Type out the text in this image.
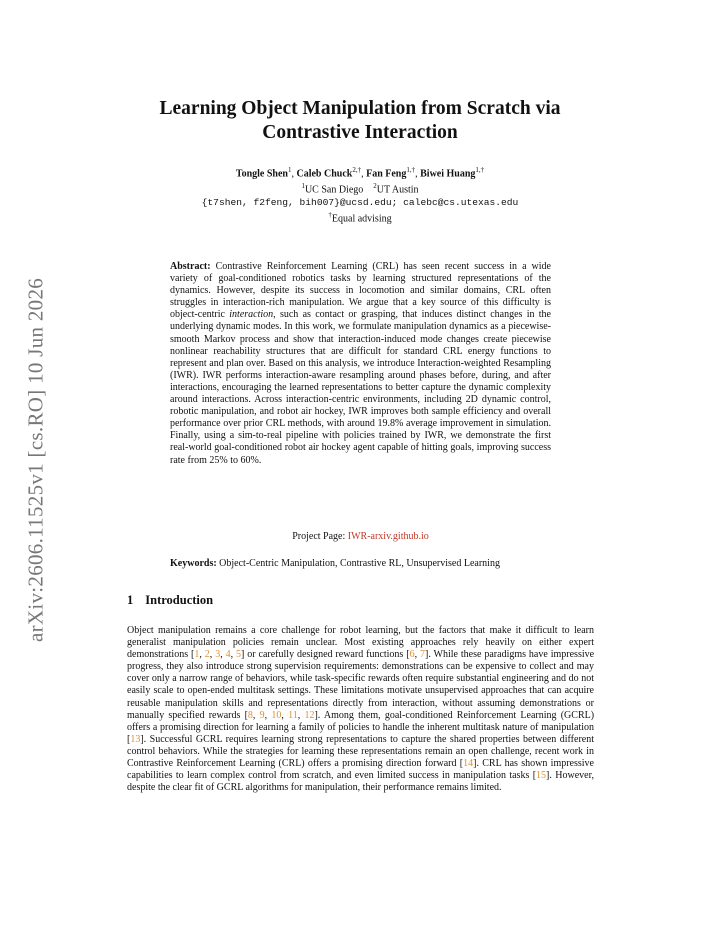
arXiv:2606.11525v1 [cs.RO] 10 Jun 2026
Learning Object Manipulation from Scratch via
Contrastive Interaction
Tongle Shen$^1$, Caleb Chuck$^{2,\dagger}$, Fan Feng$^{1,\dagger}$, Biwei Huang$^{1,\dagger}$
$^1$UC San Diego $^2$UT Austin
{t7shen, f2feng, bih007}@ucsd.edu; calebc@cs.utexas.edu
†Equal advising
Abstract: Contrastive Reinforcement Learning (CRL) has seen recent success in a wide variety of goal-conditioned robotics tasks by learning structured representations of the dynamics. However, despite its success in locomotion and similar domains, CRL often struggles in interaction-rich manipulation. We argue that a key source of this difficulty is object-centric interaction, such as contact or grasping, that induces distinct changes in the underlying dynamic modes. In this work, we formulate manipulation dynamics as a piecewise-smooth Markov process and show that interaction-induced mode changes create piecewise nonlinear reachability structures that are difficult for standard CRL energy functions to represent and plan over. Based on this analysis, we introduce Interaction-weighted Resampling (IWR). IWR performs interaction-aware resampling around phases before, during, and after interactions, encouraging the learned representations to better capture the dynamic complexity around interactions. Across interaction-centric environments, including 2D dynamic control, robotic manipulation, and robot air hockey, IWR improves both sample efficiency and overall performance over prior CRL methods, with around 19.8% average improvement in simulation. Finally, using a sim-to-real pipeline with policies trained by IWR, we demonstrate the first real-world goal-conditioned robot air hockey agent capable of hitting goals, improving success rate from 25% to 60%.
Project Page: IWR-arxiv.github.io
Keywords: Object-Centric Manipulation, Contrastive RL, Unsupervised Learning
1 Introduction
Object manipulation remains a core challenge for robot learning, but the factors that make it difficult to learn generalist manipulation policies remain unclear. Most existing approaches rely heavily on either expert demonstrations [1, 2, 3, 4, 5] or carefully designed reward functions [6, 7]. While these paradigms have impressive progress, they also introduce strong supervision requirements: demonstrations can be expensive to collect and may cover only a narrow range of behaviors, while task-specific rewards often require substantial engineering and do not easily scale to open-ended multitask settings. These limitations motivate unsupervised approaches that can acquire reusable manipulation skills and representations directly from interaction, without assuming demonstrations or manually specified rewards [8, 9, 10, 11, 12]. Among them, goal-conditioned Reinforcement Learning (GCRL) offers a promising direction for learning a family of policies to handle the inherent multitask nature of manipulation [13]. Successful GCRL requires learning strong representations to capture the shared properties between different control behaviors. While the strategies for learning these representations remain an open challenge, recent work in Contrastive Reinforcement Learning (CRL) offers a promising direction forward [14]. CRL has shown impressive capabilities to learn complex control from scratch, and even limited success in manipulation tasks [15]. However, despite the clear fit of GCRL algorithms for manipulation, their performance remains limited.
